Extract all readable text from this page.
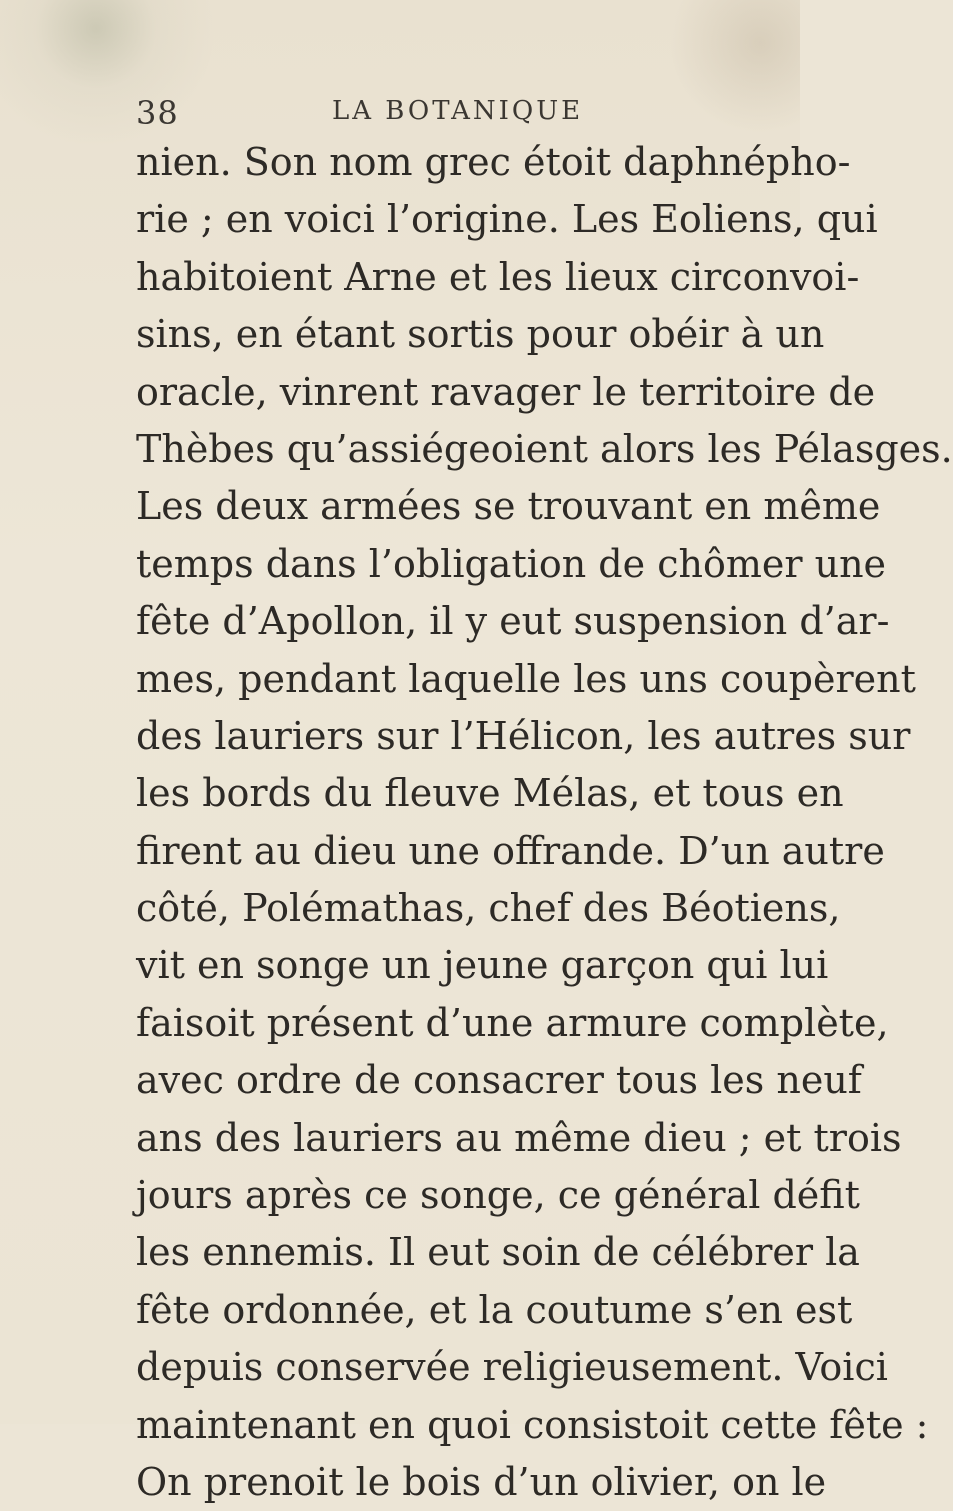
38	LA BOTANIQUE
nien. Son nom grec étoit daphnépho-
rie ; en voici l’origine. Les Eoliens, qui
habitoient Arne et les lieux circonvoi-
sins, en étant sortis pour obéir à un
oracle, vinrent ravager le territoire de
Thèbes qu’assiégeoient alors les Pélasges.
Les deux armées se trouvant en même
temps dans l’obligation de chômer une
fête d’Apollon, il y eut suspension d’ar-
mes, pendant laquelle les uns coupèrent
des lauriers sur l’Hélicon, les autres sur
les bords du fleuve Mélas, et tous en
firent au dieu une offrande. D’un autre
côté, Polémathas, chef des Béotiens,
vit en songe un jeune garçon qui lui
faisoit présent d’une armure complète,
avec ordre de consacrer tous les neuf
ans des lauriers au même dieu ; et trois
jours après ce songe, ce général défit
les ennemis. Il eut soin de célébrer la
fête ordonnée, et la coutume s’en est
depuis conservée religieusement. Voici
maintenant en quoi consistoit cette fête :
On prenoit le bois d’un olivier, on le
